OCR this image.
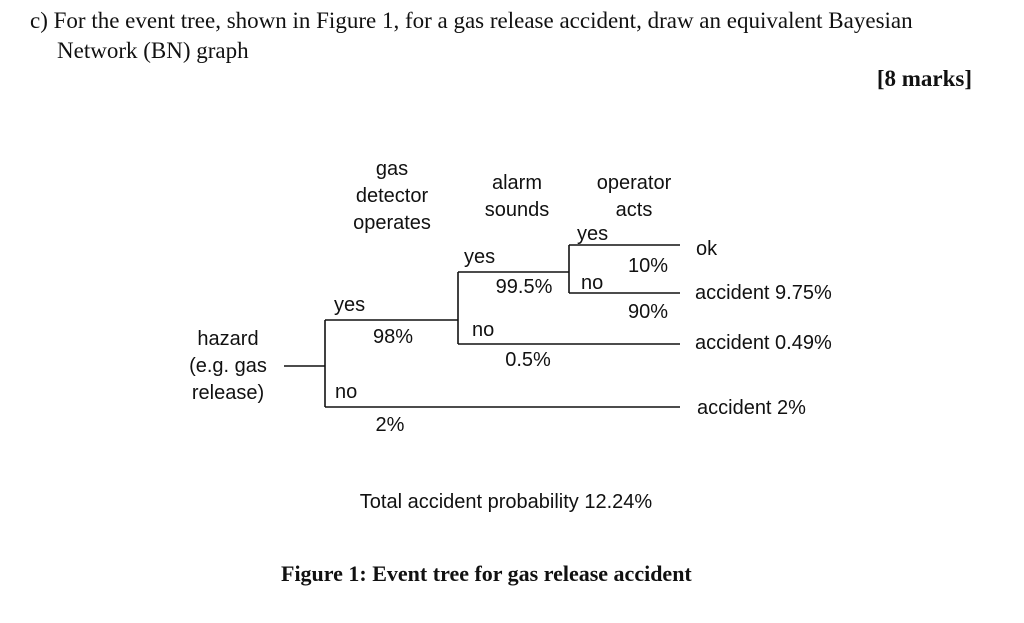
c) For the event tree, shown in Figure 1, for a gas release accident, draw an equivalent Bayesian
Network (BN) graph
[8 marks]
gas
detector
operates
alarm
sounds
operator
acts
hazard
(e.g. gas
release)
yes
98%
no
2%
yes
99.5%
no
0.5%
yes
10%
no
90%
ok
accident 9.75%
accident 0.49%
accident 2%
Total accident probability 12.24%
Figure 1: Event tree for gas release accident
